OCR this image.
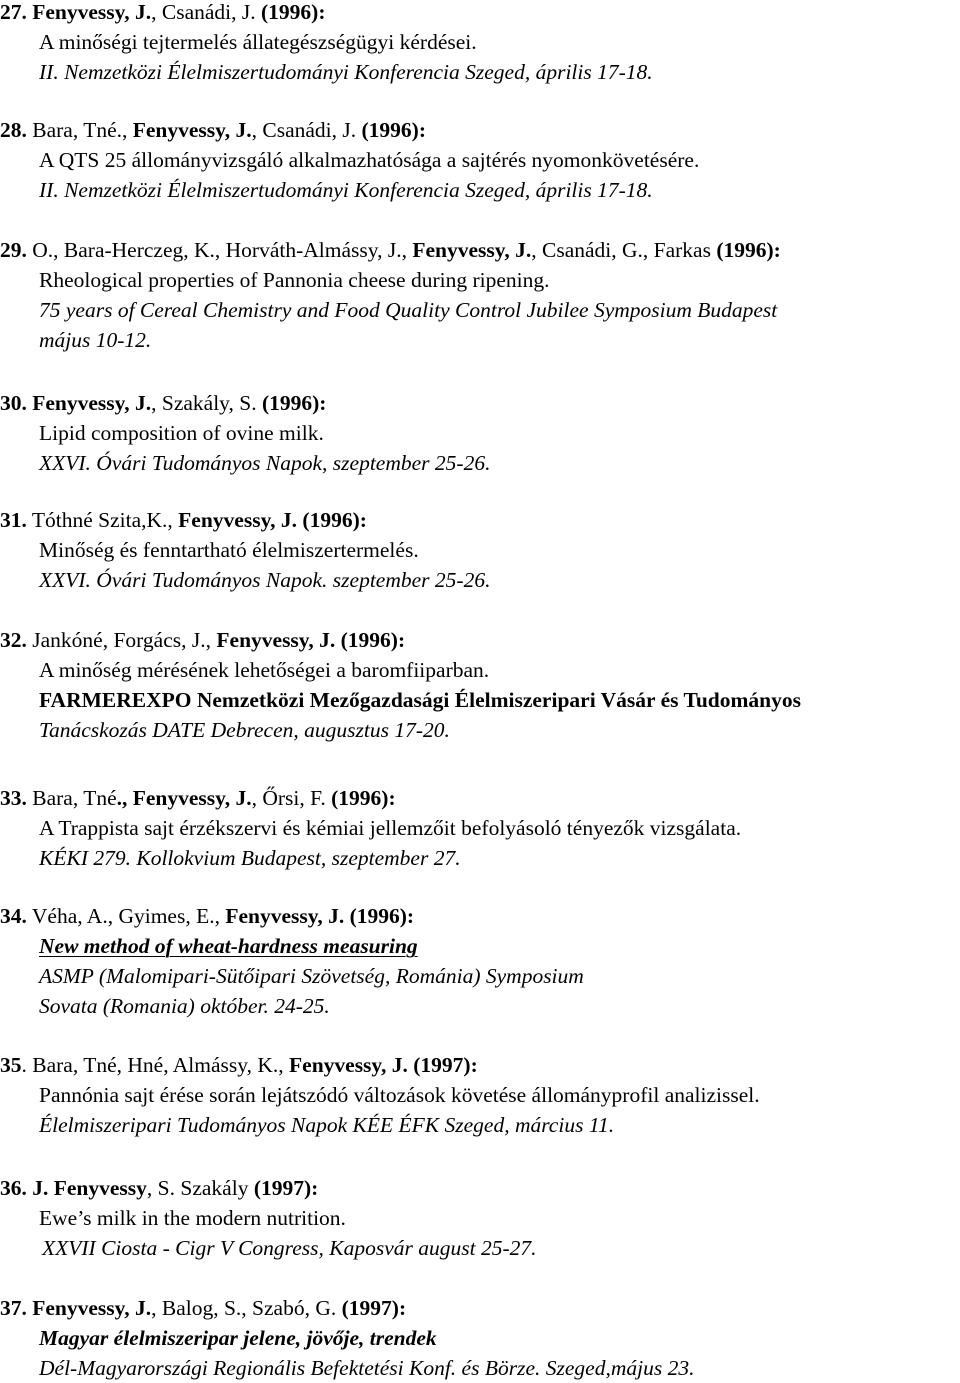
27. Fenyvessy, J., Csanádi, J. (1996):
A minőségi tejtermelés állategészségügyi kérdései.
II. Nemzetközi Élelmiszertudományi Konferencia Szeged, április 17-18.
28. Bara, Tné., Fenyvessy, J., Csanádi, J. (1996):
A QTS 25 állományvizsgáló alkalmazhatósága a sajtérés nyomonkövetésére.
II. Nemzetközi Élelmiszertudományi Konferencia Szeged, április 17-18.
29. O., Bara-Herczeg, K., Horváth-Almássy, J., Fenyvessy, J., Csanádi, G., Farkas (1996):
Rheological properties of Pannonia cheese during ripening.
75 years of Cereal Chemistry and Food Quality Control Jubilee Symposium Budapest
május 10-12.
30. Fenyvessy, J., Szakály, S. (1996):
Lipid composition of ovine milk.
XXVI. Óvári Tudományos Napok, szeptember 25-26.
31. Tóthné Szita,K., Fenyvessy, J. (1996):
Minőség és fenntartható élelmiszertermelés.
XXVI. Óvári Tudományos Napok. szeptember 25-26.
32. Jankóné, Forgács, J., Fenyvessy, J. (1996):
A minőség mérésének lehetőségei a baromfiiparban.
FARMEREXPO Nemzetközi Mezőgazdasági Élelmiszeripari Vásár és Tudományos
Tanácskozás DATE Debrecen, augusztus 17-20.
33. Bara, Tné., Fenyvessy, J., Őrsi, F. (1996):
A Trappista sajt érzékszervi és kémiai jellemzőit befolyásoló tényezők vizsgálata.
KÉKI 279. Kollokvium Budapest, szeptember 27.
34. Véha, A., Gyimes, E., Fenyvessy, J. (1996):
New method of wheat-hardness measuring
ASMP (Malomipari-Sütőipari Szövetség, Románia) Symposium
Sovata (Romania) október. 24-25.
35. Bara, Tné, Hné, Almássy, K., Fenyvessy, J. (1997):
Pannónia sajt érése során lejátszódó változások követése állományprofil analizissel.
Élelmiszeripari Tudományos Napok KÉE ÉFK Szeged, március 11.
36. J. Fenyvessy, S. Szakály (1997):
Ewe’s milk in the modern nutrition.
XXVII Ciosta - Cigr V Congress, Kaposvár august 25-27.
37. Fenyvessy, J., Balog, S., Szabó, G. (1997):
Magyar élelmiszeripar jelene, jövője, trendek
Dél-Magyarországi Regionális Befektetési Konf. és Börze. Szeged,május 23.
